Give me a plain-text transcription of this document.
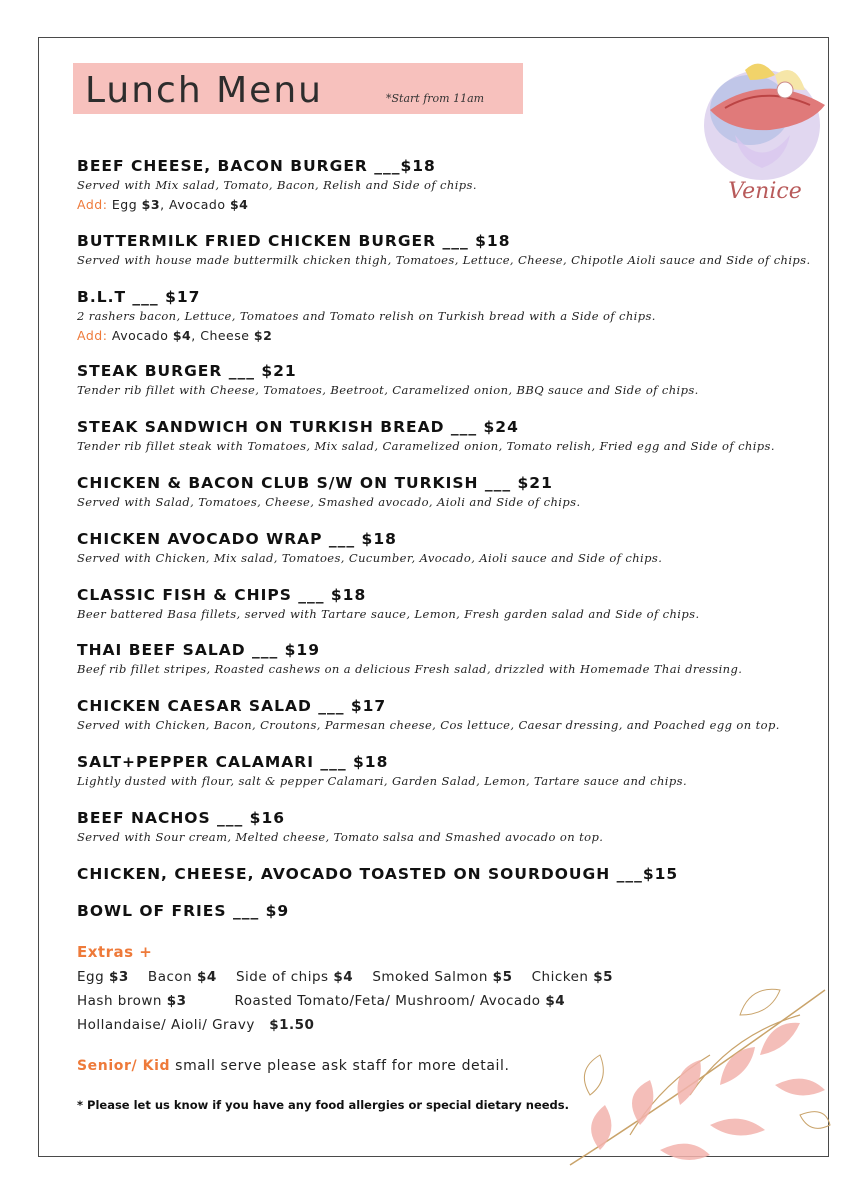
Lunch Menu	*Start from 11am
Venice
BEEF CHEESE, BACON BURGER ___$18
Served with Mix salad, Tomato, Bacon, Relish and Side of chips.
Add: Egg $3, Avocado $4
BUTTERMILK FRIED CHICKEN BURGER ___ $18
Served with house made buttermilk chicken thigh, Tomatoes, Lettuce, Cheese, Chipotle Aioli sauce and Side of chips.
B.L.T ___ $17
2 rashers bacon, Lettuce, Tomatoes and Tomato relish on Turkish bread with a Side of chips.
Add: Avocado $4, Cheese $2
STEAK BURGER ___ $21
Tender rib fillet with Cheese, Tomatoes, Beetroot, Caramelized onion, BBQ sauce and Side of chips.
STEAK SANDWICH ON TURKISH BREAD ___ $24
Tender rib fillet steak with Tomatoes, Mix salad, Caramelized onion, Tomato relish, Fried egg and Side of chips.
CHICKEN & BACON CLUB S/W ON TURKISH ___ $21
Served with Salad, Tomatoes, Cheese, Smashed avocado, Aioli and Side of chips.
CHICKEN AVOCADO WRAP ___ $18
Served with Chicken, Mix salad, Tomatoes, Cucumber, Avocado, Aioli sauce and Side of chips.
CLASSIC FISH & CHIPS ___ $18
Beer battered Basa fillets, served with Tartare sauce, Lemon, Fresh garden salad and Side of chips.
THAI BEEF SALAD ___ $19
Beef rib fillet stripes, Roasted cashews on a delicious Fresh salad, drizzled with Homemade Thai dressing.
CHICKEN CAESAR SALAD ___ $17
Served with Chicken, Bacon, Croutons, Parmesan cheese, Cos lettuce, Caesar dressing, and Poached egg on top.
SALT+PEPPER CALAMARI ___ $18
Lightly dusted with flour, salt & pepper Calamari, Garden Salad, Lemon, Tartare sauce and chips.
BEEF NACHOS ___ $16
Served with Sour cream, Melted cheese, Tomato salsa and Smashed avocado on top.
CHICKEN, CHEESE, AVOCADO TOASTED ON SOURDOUGH ___$15
BOWL OF FRIES ___ $9
Extras +
Egg $3    Bacon $4    Side of chips $4    Smoked Salmon $5    Chicken $5
Hash brown $3          Roasted Tomato/Feta/ Mushroom/ Avocado $4
Hollandaise/ Aioli/ Gravy   $1.50
Senior/ Kid small serve please ask staff for more detail.
* Please let us know if you have any food allergies or special dietary needs.
